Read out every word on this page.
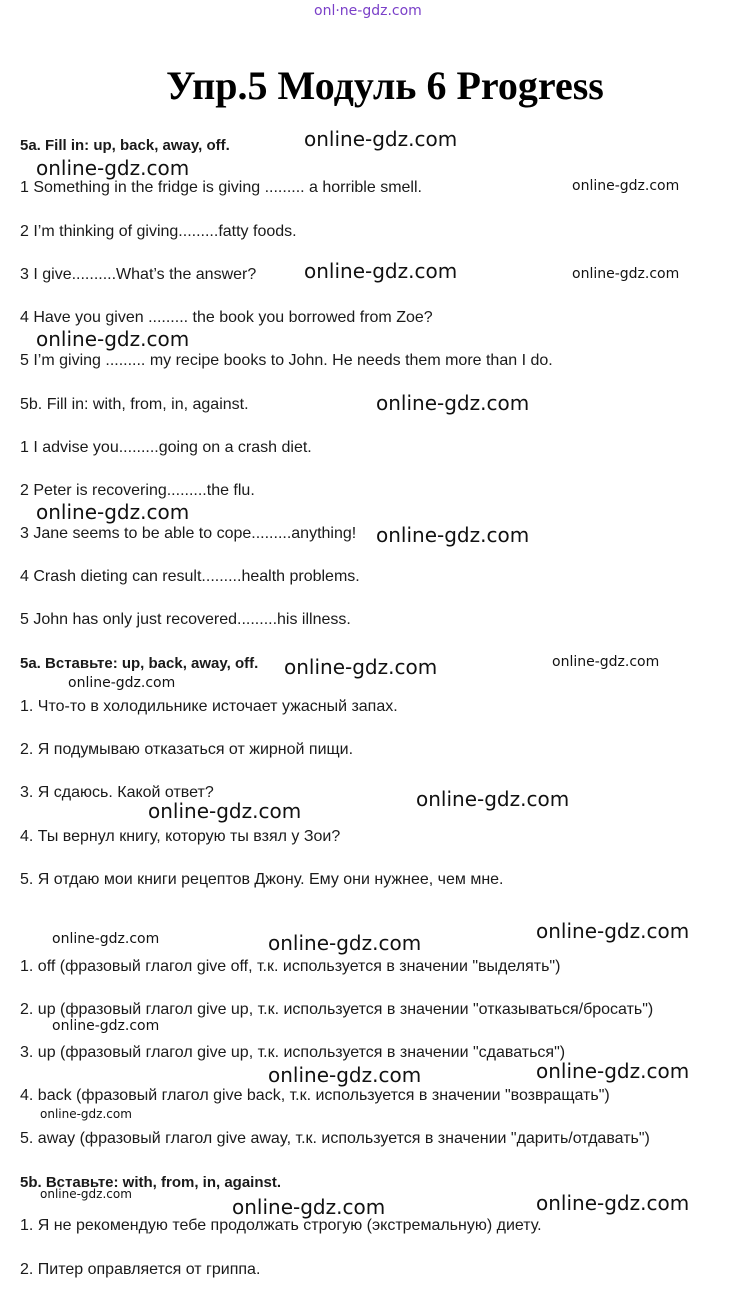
onl·ne-gdz.com
Упр.5 Модуль 6 Progress
5a. Fill in: up, back, away, off.
1 Something in the fridge is giving ......... a horrible smell.
2 I’m thinking of giving.........fatty foods.
3 I give..........What’s the answer?
4 Have you given ......... the book you borrowed from Zoe?
5 I’m giving ......... my recipe books to John. He needs them more than I do.
5b. Fill in: with, from, in, against.
1 I advise you.........going on a crash diet.
2 Peter is recovering.........the flu.
3 Jane seems to be able to cope.........anything!
4 Crash dieting can result.........health problems.
5 John has only just recovered.........his illness.
5a. Вставьте: up, back, away, off.
1. Что-то в холодильнике источает ужасный запах.
2. Я подумываю отказаться от жирной пищи.
3. Я сдаюсь. Какой ответ?
4. Ты вернул книгу, которую ты взял у Зои?
5. Я отдаю мои книги рецептов Джону. Ему они нужнее, чем мне.
1. off (фразовый глагол give off, т.к. используется в значении "выделять")
2. up (фразовый глагол give up, т.к. используется в значении "отказываться/бросать")
3. up (фразовый глагол give up, т.к. используется в значении "сдаваться")
4. back (фразовый глагол give back, т.к. используется в значении "возвращать")
5. away (фразовый глагол give away, т.к. используется в значении "дарить/отдавать")
5b. Вставьте: with, from, in, against.
1. Я не рекомендую тебе продолжать строгую (экстремальную) диету.
2. Питер оправляется от гриппа.
online-gdz.com
online-gdz.com
online-gdz.com
online-gdz.com	online-gdz.com
online-gdz.com
online-gdz.com
online-gdz.com
online-gdz.com
online-gdz.com	online-gdz.com
online-gdz.com
online-gdz.com
online-gdz.com
online-gdz.com
online-gdz.com	online-gdz.com
online-gdz.com
online-gdz.com	online-gdz.com
online-gdz.com
online-gdz.com
online-gdz.com	online-gdz.com
